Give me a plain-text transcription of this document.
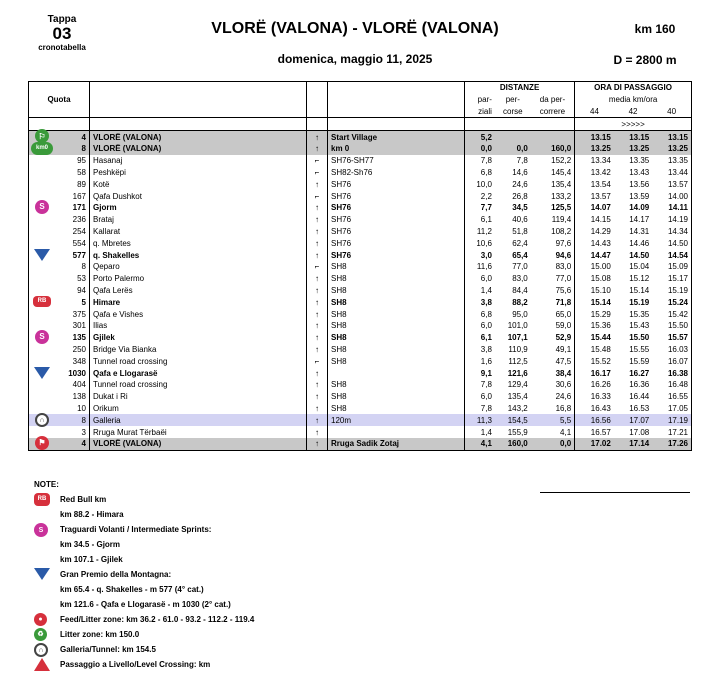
Tappa
03
cronotabella
VLORË (VALONA) - VLORË (VALONA)	km 160
domenica, maggio 11, 2025	D = 2800 m
					DISTANZE			ORA DI PASSAGGIO		
Quota					par-	per-	da per-	media km/ora		
					ziali	corse	correre	44	42	40
								>>>>>		

⚐	4	VLORË (VALONA)	↑	Start Village	5,2			13.15	13.15	13.15

km0	8	VLORË (VALONA)	↑	km 0	0,0	0,0	160,0	13.25	13.25	13.25
	95	Hasanaj	⌐	SH76-SH77	7,8	7,8	152,2	13.34	13.35	13.35
	58	Peshkëpi	⌐	SH82-Sh76	6,8	14,6	145,4	13.42	13.43	13.44
	89	Kotë	↑	SH76	10,0	24,6	135,4	13.54	13.56	13.57
	167	Qafa Dushkot	⌐	SH76	2,2	26,8	133,2	13.57	13.59	14.00

S	171	Gjorm	↑	SH76	7,7	34,5	125,5	14.07	14.09	14.11
	236	Brataj	↑	SH76	6,1	40,6	119,4	14.15	14.17	14.19
	254	Kallarat	↑	SH76	11,2	51,8	108,2	14.29	14.31	14.34
	554	q. Mbretes	↑	SH76	10,6	62,4	97,6	14.43	14.46	14.50

	577	q. Shakelles	↑	SH76	3,0	65,4	94,6	14.47	14.50	14.54
	8	Qeparo	⌐	SH8	11,6	77,0	83,0	15.00	15.04	15.09
	53	Porto Palermo	↑	SH8	6,0	83,0	77,0	15.08	15.12	15.17
	94	Qafa Lerës	↑	SH8	1,4	84,4	75,6	15.10	15.14	15.19

RB	5	Himare	↑	SH8	3,8	88,2	71,8	15.14	15.19	15.24
	375	Qafa e Vishes	↑	SH8	6,8	95,0	65,0	15.29	15.35	15.42
	301	Ilias	↑	SH8	6,0	101,0	59,0	15.36	15.43	15.50

S	135	Gjilek	↑	SH8	6,1	107,1	52,9	15.44	15.50	15.57
	250	Bridge Via Bianka	↑	SH8	3,8	110,9	49,1	15.48	15.55	16.03
	348	Tunnel road crossing	⌐	SH8	1,6	112,5	47,5	15.52	15.59	16.07

	1030	Qafa e Llogarasë	↑		9,1	121,6	38,4	16.17	16.27	16.38
	404	Tunnel road crossing	↑	SH8	7,8	129,4	30,6	16.26	16.36	16.48
	138	Dukat i Ri	↑	SH8	6,0	135,4	24,6	16.33	16.44	16.55
	10	Orikum	↑	SH8	7,8	143,2	16,8	16.43	16.53	17.05

∩	8	Galleria	↑	120m	11,3	154,5	5,5	16.56	17.07	17.19
	3	Rruga Murat Tërbaëi	↑		1,4	155,9	4,1	16.57	17.08	17.21

⚑	4	VLORË (VALONA)	↑	Rruga Sadik Zotaj	4,1	160,0	0,0	17.02	17.14	17.26
NOTE:
RB	Red Bull km
km 88.2 - Himara
S	Traguardi Volanti / Intermediate Sprints:
km 34.5 - Gjorm
km 107.1 - Gjilek
Gran Premio della Montagna:
km 65.4 - q. Shakelles - m 577 (4° cat.)
km 121.6 - Qafa e Llogarasë - m 1030 (2° cat.)
●	Feed/Litter zone: km 36.2 - 61.0 - 93.2 - 112.2 - 119.4
♻	Litter zone: km 150.0
∩	Galleria/Tunnel: km 154.5
Passaggio a Livello/Level Crossing: km
